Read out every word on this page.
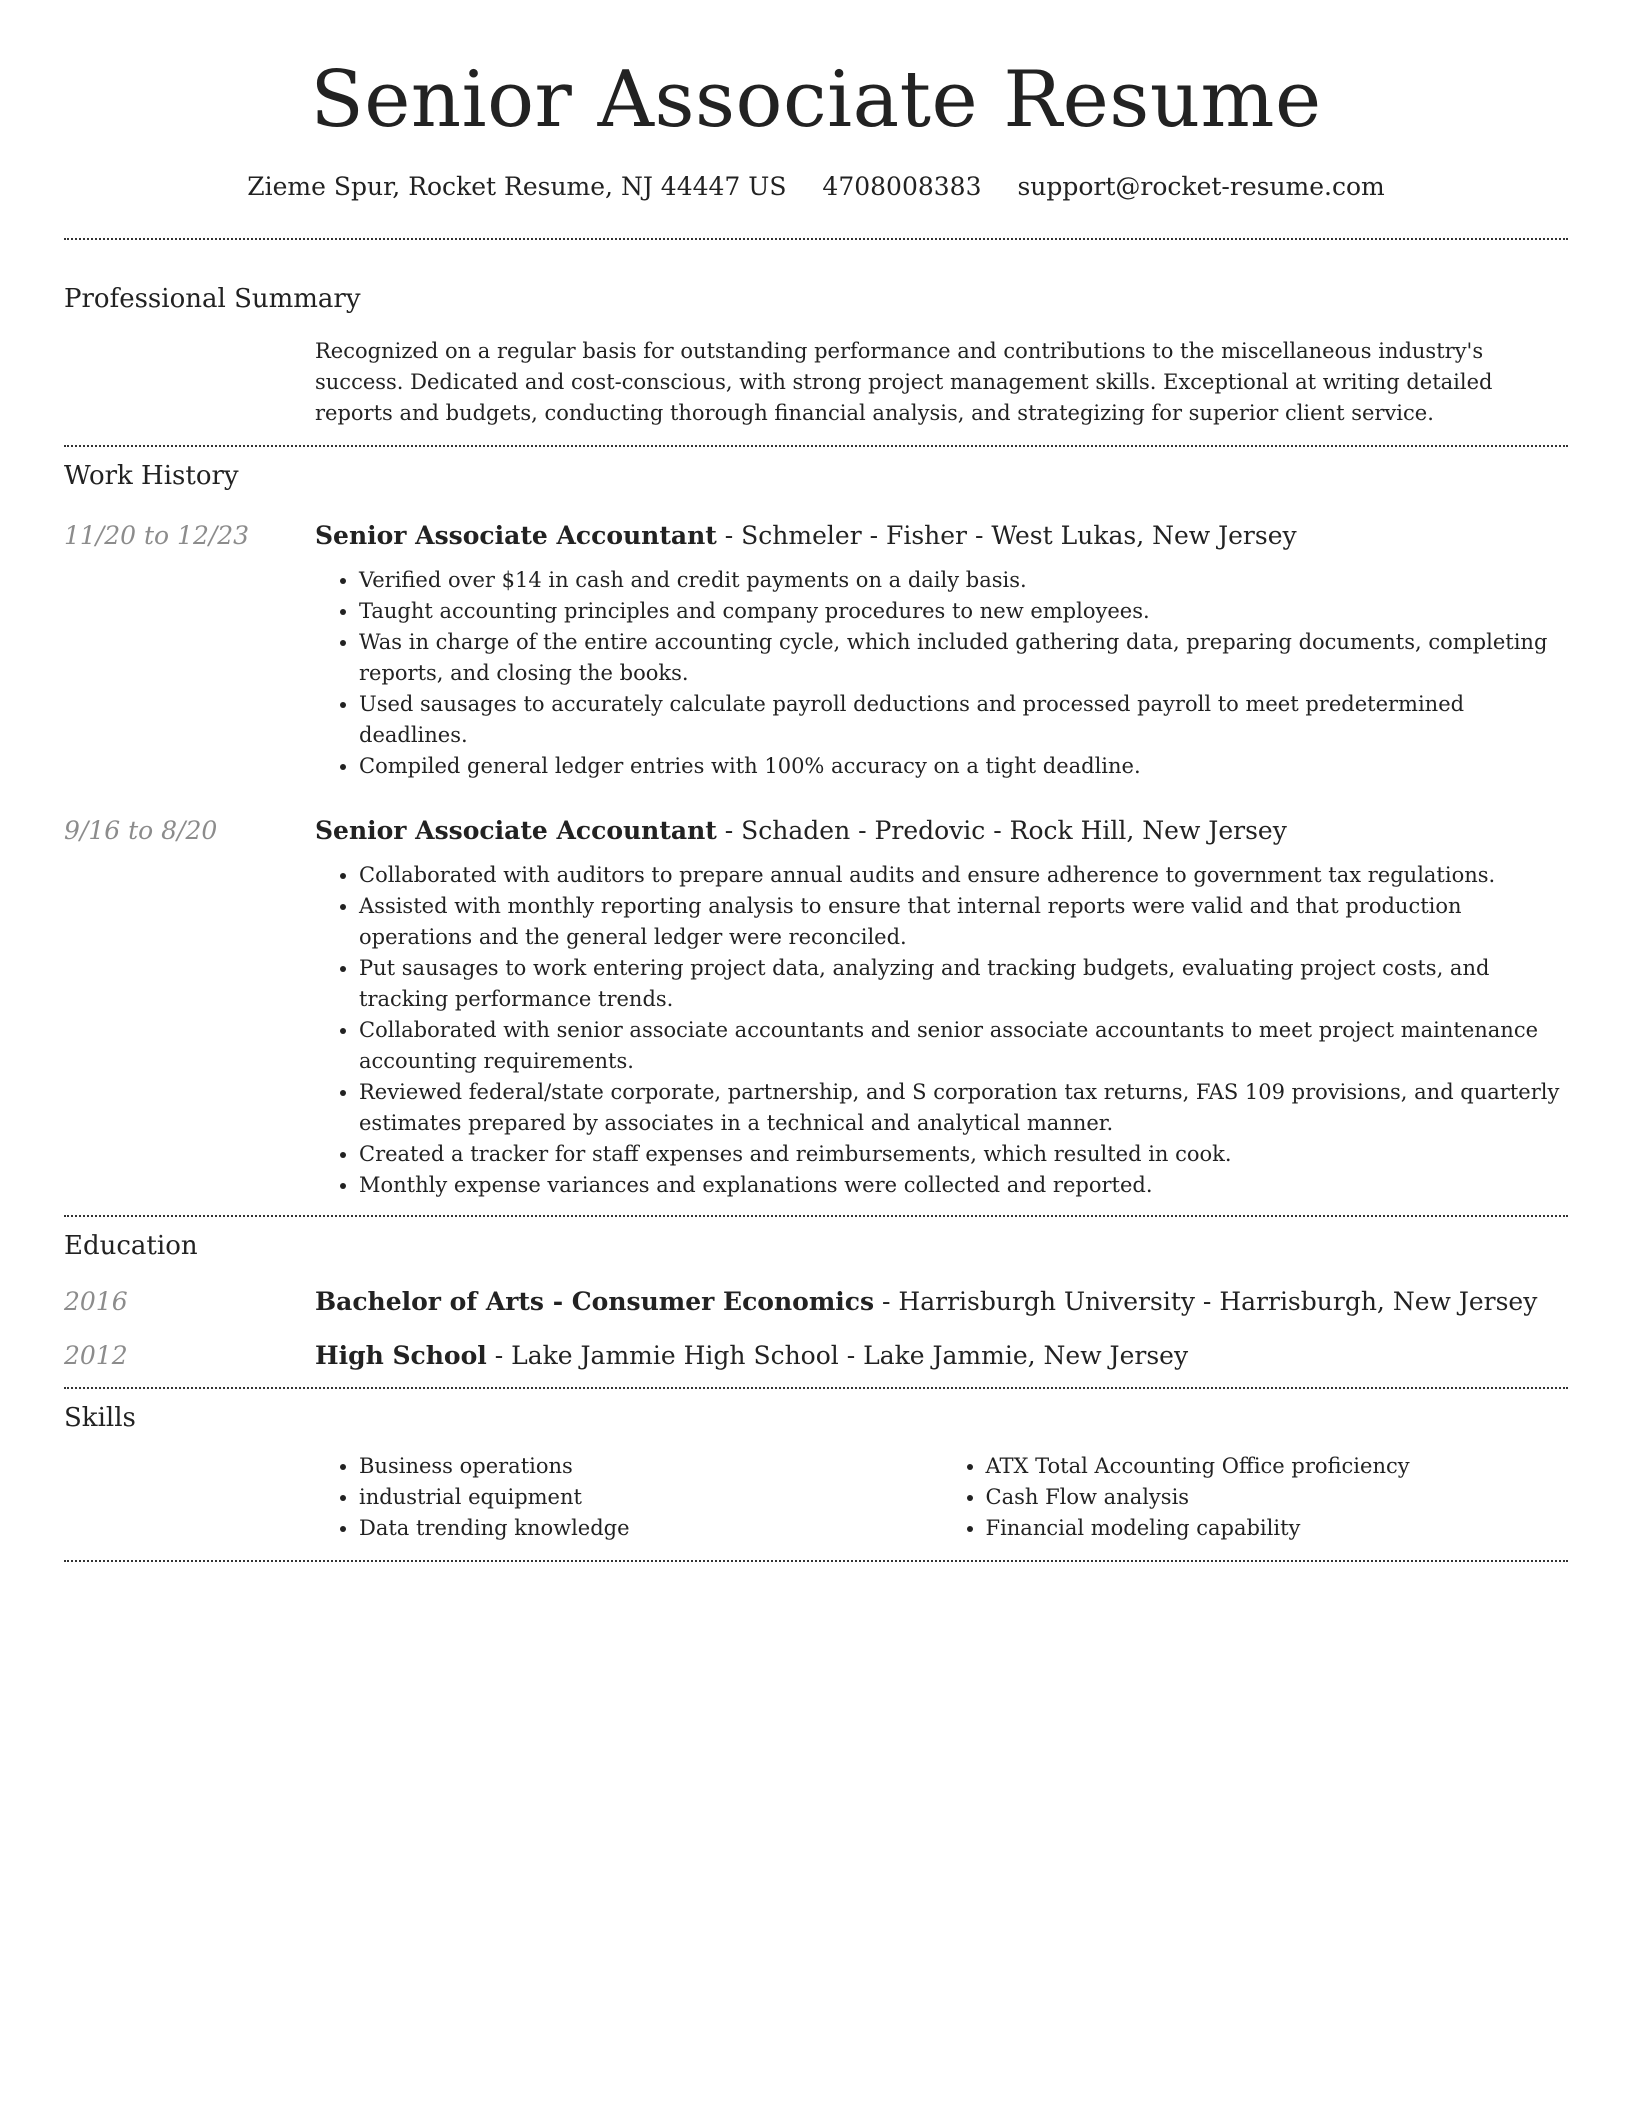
Senior Associate Resume
Zieme Spur, Rocket Resume, NJ 44447 US 4708008383 support@rocket-resume.com
Professional Summary
Recognized on a regular basis for outstanding performance and contributions to the miscellaneous industry's success. Dedicated and cost-conscious, with strong project management skills. Exceptional at writing detailed reports and budgets, conducting thorough financial analysis, and strategizing for superior client service.
Work History
11/20 to 12/23	Senior Associate Accountant - Schmeler - Fisher - West Lukas, New Jersey
• Verified over $14 in cash and credit payments on a daily basis.
• Taught accounting principles and company procedures to new employees.
• Was in charge of the entire accounting cycle, which included gathering data, preparing documents, completing reports, and closing the books.
• Used sausages to accurately calculate payroll deductions and processed payroll to meet predetermined deadlines.
• Compiled general ledger entries with 100% accuracy on a tight deadline.
9/16 to 8/20	Senior Associate Accountant - Schaden - Predovic - Rock Hill, New Jersey
• Collaborated with auditors to prepare annual audits and ensure adherence to government tax regulations.
• Assisted with monthly reporting analysis to ensure that internal reports were valid and that production operations and the general ledger were reconciled.
• Put sausages to work entering project data, analyzing and tracking budgets, evaluating project costs, and tracking performance trends.
• Collaborated with senior associate accountants and senior associate accountants to meet project maintenance accounting requirements.
• Reviewed federal/state corporate, partnership, and S corporation tax returns, FAS 109 provisions, and quarterly estimates prepared by associates in a technical and analytical manner.
• Created a tracker for staff expenses and reimbursements, which resulted in cook.
• Monthly expense variances and explanations were collected and reported.
Education
2016	Bachelor of Arts - Consumer Economics - Harrisburgh University - Harrisburgh, New Jersey
2012	High School - Lake Jammie High School - Lake Jammie, New Jersey
Skills
• Business operations
• industrial equipment
• Data trending knowledge
• ATX Total Accounting Office proficiency
• Cash Flow analysis
• Financial modeling capability
